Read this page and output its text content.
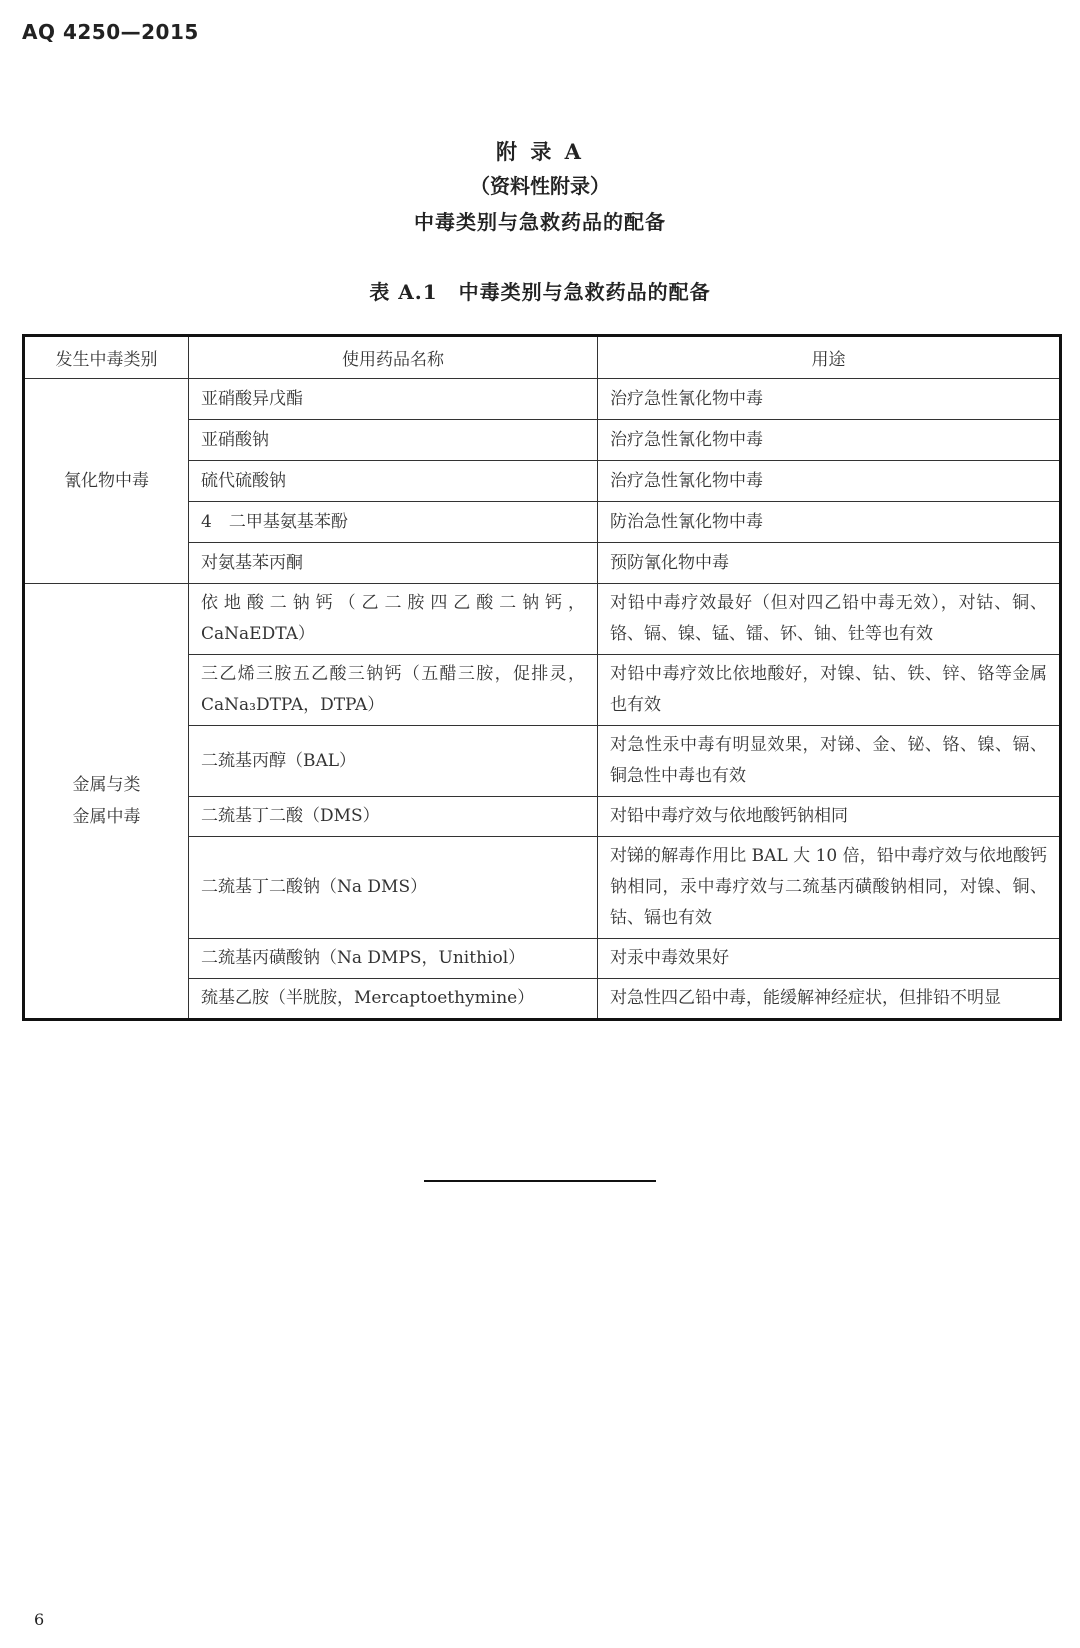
AQ 4250—2015
附 录 A
（资料性附录）
中毒类别与急救药品的配备
表 A.1　中毒类别与急救药品的配备
发生中毒类别	使用药品名称	用途
氰化物中毒	亚硝酸异戊酯	治疗急性氰化物中毒
	亚硝酸钠	治疗急性氰化物中毒
	硫代硫酸钠	治疗急性氰化物中毒
	4　二甲基氨基苯酚	防治急性氰化物中毒
	对氨基苯丙酮	预防氰化物中毒

金属与类
金属中毒	依地酸二钠钙（乙二胺四乙酸二钠钙，CaNaEDTA）	对铅中毒疗效最好（但对四乙铅中毒无效），对钴、铜、铬、镉、镍、锰、镭、钚、铀、钍等也有效
	三乙烯三胺五乙酸三钠钙（五醋三胺，促排灵，CaNa₃DTPA，DTPA）	对铅中毒疗效比依地酸好，对镍、钴、铁、锌、铬等金属也有效
	二巯基丙醇（BAL）	对急性汞中毒有明显效果，对锑、金、铋、铬、镍、镉、铜急性中毒也有效
	二巯基丁二酸（DMS）	对铅中毒疗效与依地酸钙钠相同
	二巯基丁二酸钠（Na DMS）	对锑的解毒作用比 BAL 大 10 倍，铅中毒疗效与依地酸钙钠相同，汞中毒疗效与二巯基丙磺酸钠相同，对镍、铜、钴、镉也有效
	二巯基丙磺酸钠（Na DMPS，Unithiol）	对汞中毒效果好
	巯基乙胺（半胱胺，Mercaptoethymine）	对急性四乙铅中毒，能缓解神经症状，但排铅不明显
6
